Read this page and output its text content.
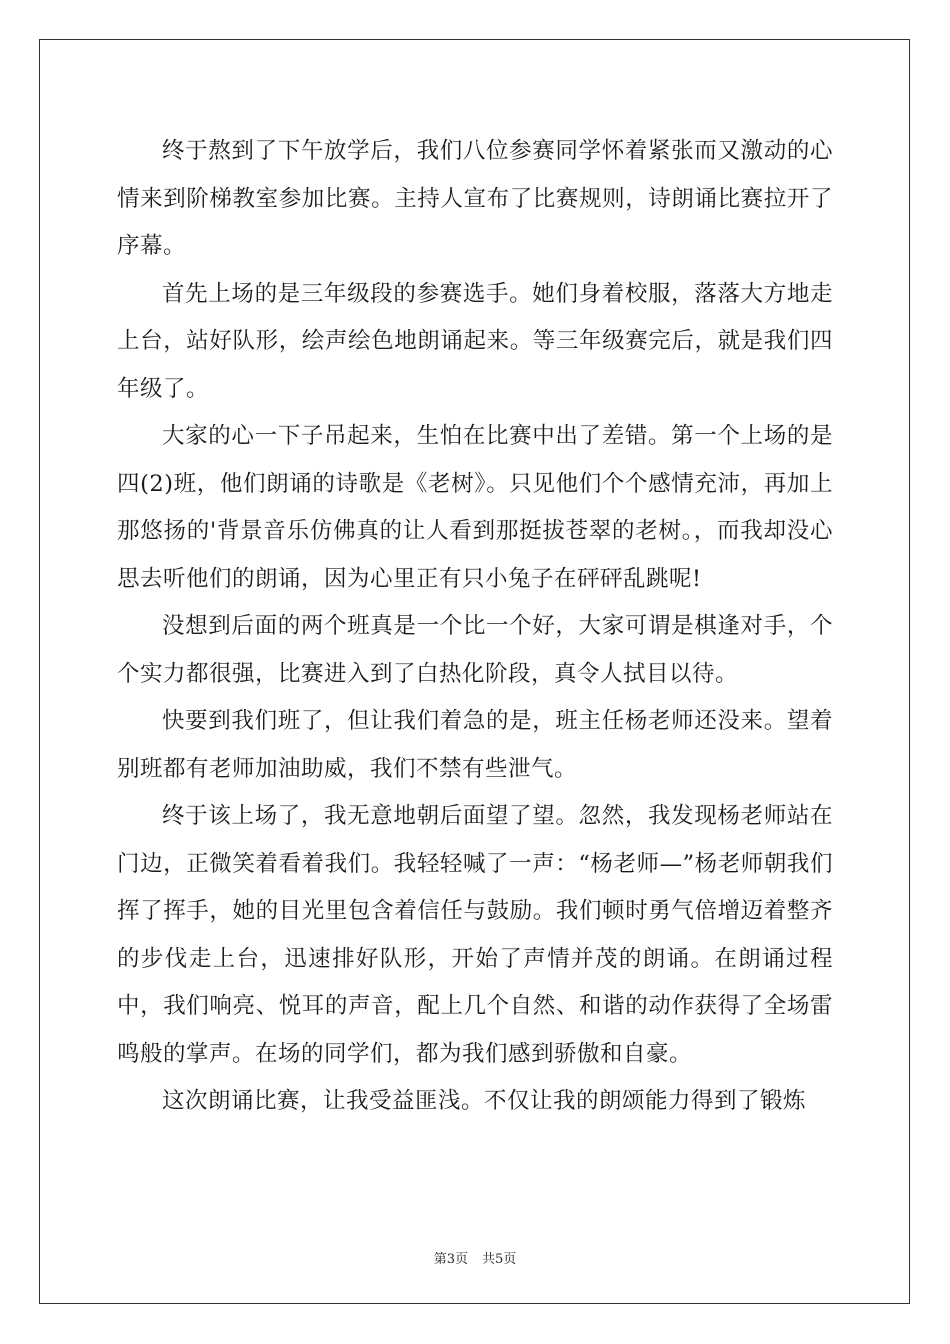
终于熬到了下午放学后，我们八位参赛同学怀着紧张而又激动的心情来到阶梯教室参加比赛。主持人宣布了比赛规则，诗朗诵比赛拉开了序幕。

首先上场的是三年级段的参赛选手。她们身着校服，落落大方地走上台，站好队形，绘声绘色地朗诵起来。等三年级赛完后，就是我们四年级了。

大家的心一下子吊起来，生怕在比赛中出了差错。第一个上场的是四(2)班，他们朗诵的诗歌是《老树》。只见他们个个感情充沛，再加上那悠扬的'背景音乐仿佛真的让人看到那挺拔苍翠的老树。，而我却没心思去听他们的朗诵，因为心里正有只小兔子在砰砰乱跳呢!

没想到后面的两个班真是一个比一个好，大家可谓是棋逢对手，个个实力都很强，比赛进入到了白热化阶段，真令人拭目以待。

快要到我们班了，但让我们着急的是，班主任杨老师还没来。望着别班都有老师加油助威，我们不禁有些泄气。

终于该上场了，我无意地朝后面望了望。忽然，我发现杨老师站在门边，正微笑着看着我们。我轻轻喊了一声：“杨老师—”杨老师朝我们挥了挥手，她的目光里包含着信任与鼓励。我们顿时勇气倍增迈着整齐的步伐走上台，迅速排好队形，开始了声情并茂的朗诵。在朗诵过程中，我们响亮、悦耳的声音，配上几个自然、和谐的动作获得了全场雷鸣般的掌声。在场的同学们，都为我们感到骄傲和自豪。

这次朗诵比赛，让我受益匪浅。不仅让我的朗颂能力得到了锻炼

第3页 共5页
